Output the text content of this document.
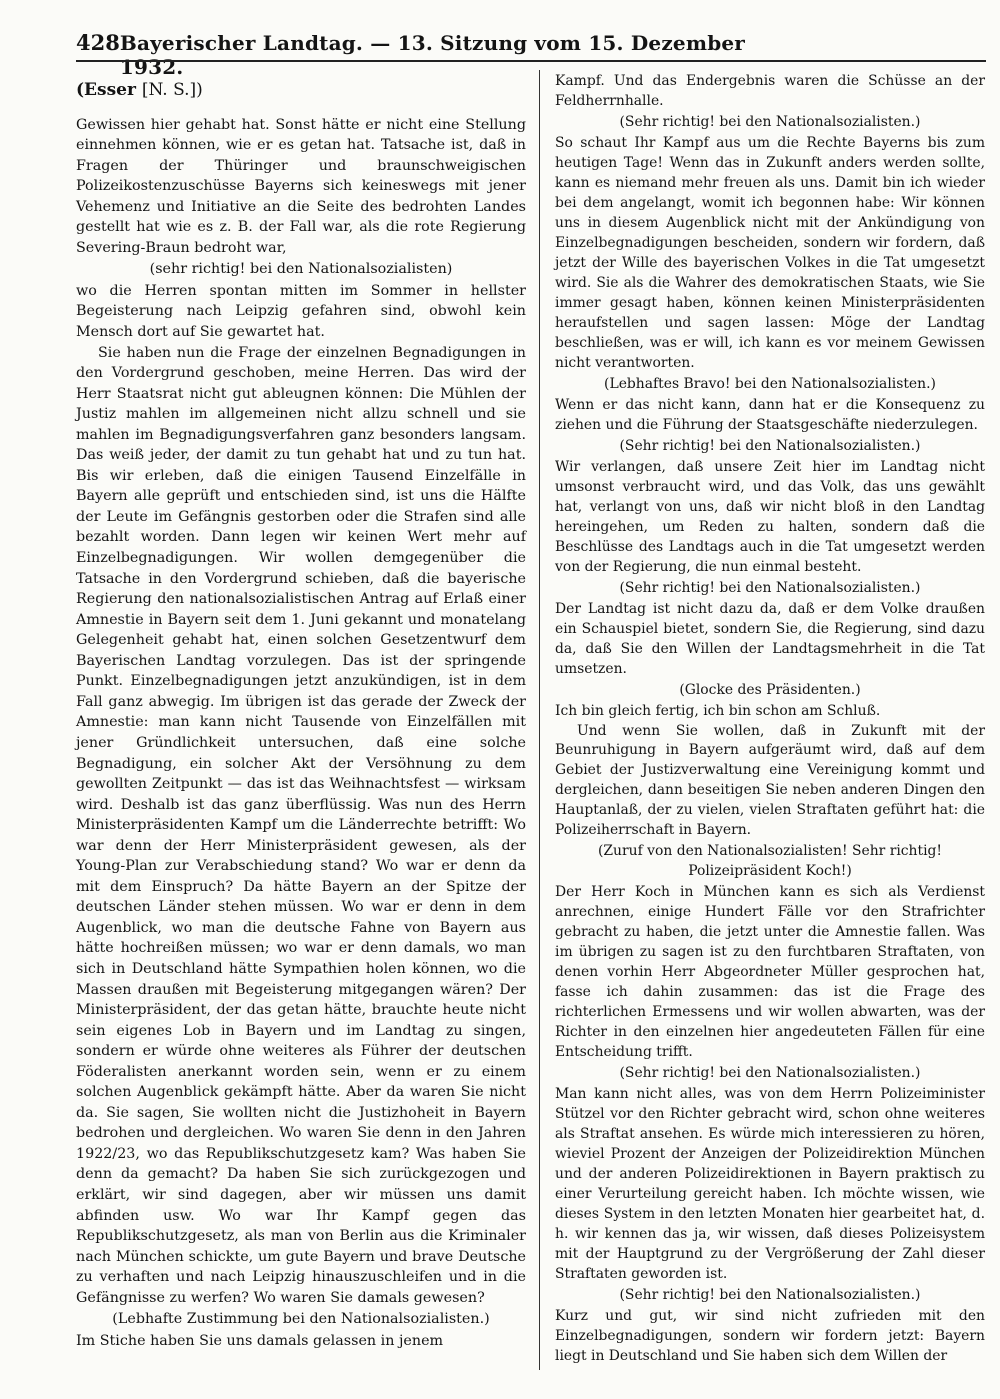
428 Bayerischer Landtag. — 13. Sitzung vom 15. Dezember 1932.
(Esser [N. S.])

Gewissen hier gehabt hat. Sonst hätte er nicht eine Stellung einnehmen können, wie er es getan hat. Tatsache ist, daß in Fragen der Thüringer und braunschweigischen Polizeikostenzuschüsse Bayerns sich keineswegs mit jener Vehemenz und Initiative an die Seite des bedrohten Landes gestellt hat wie es z. B. der Fall war, als die rote Regierung Severing-Braun bedroht war,

(sehr richtig! bei den Nationalsozialisten)

wo die Herren spontan mitten im Sommer in hellster Begeisterung nach Leipzig gefahren sind, obwohl kein Mensch dort auf Sie gewartet hat.

Sie haben nun die Frage der einzelnen Begnadigungen in den Vordergrund geschoben, meine Herren. Das wird der Herr Staatsrat nicht gut ableugnen können: Die Mühlen der Justiz mahlen im allgemeinen nicht allzu schnell und sie mahlen im Begnadigungsverfahren ganz besonders langsam. Das weiß jeder, der damit zu tun gehabt hat und zu tun hat. Bis wir erleben, daß die einigen Tausend Einzelfälle in Bayern alle geprüft und entschieden sind, ist uns die Hälfte der Leute im Gefängnis gestorben oder die Strafen sind alle bezahlt worden. Dann legen wir keinen Wert mehr auf Einzelbegnadigungen. Wir wollen demgegenüber die Tatsache in den Vordergrund schieben, daß die bayerische Regierung den nationalsozialistischen Antrag auf Erlaß einer Amnestie in Bayern seit dem 1. Juni gekannt und monatelang Gelegenheit gehabt hat, einen solchen Gesetzentwurf dem Bayerischen Landtag vorzulegen. Das ist der springende Punkt. Einzelbegnadigungen jetzt anzukündigen, ist in dem Fall ganz abwegig. Im übrigen ist das gerade der Zweck der Amnestie: man kann nicht Tausende von Einzelfällen mit jener Gründlichkeit untersuchen, daß eine solche Begnadigung, ein solcher Akt der Versöhnung zu dem gewollten Zeitpunkt — das ist das Weihnachtsfest — wirksam wird. Deshalb ist das ganz überflüssig. Was nun des Herrn Ministerpräsidenten Kampf um die Länderrechte betrifft: Wo war denn der Herr Ministerpräsident gewesen, als der Young-Plan zur Verabschiedung stand? Wo war er denn da mit dem Einspruch? Da hätte Bayern an der Spitze der deutschen Länder stehen müssen. Wo war er denn in dem Augenblick, wo man die deutsche Fahne von Bayern aus hätte hochreißen müssen; wo war er denn damals, wo man sich in Deutschland hätte Sympathien holen können, wo die Massen draußen mit Begeisterung mitgegangen wären? Der Ministerpräsident, der das getan hätte, brauchte heute nicht sein eigenes Lob in Bayern und im Landtag zu singen, sondern er würde ohne weiteres als Führer der deutschen Föderalisten anerkannt worden sein, wenn er zu einem solchen Augenblick gekämpft hätte. Aber da waren Sie nicht da. Sie sagen, Sie wollten nicht die Justizhoheit in Bayern bedrohen und dergleichen. Wo waren Sie denn in den Jahren 1922/23, wo das Republikschutzgesetz kam? Was haben Sie denn da gemacht? Da haben Sie sich zurückgezogen und erklärt, wir sind dagegen, aber wir müssen uns damit abfinden usw. Wo war Ihr Kampf gegen das Republikschutzgesetz, als man von Berlin aus die Kriminaler nach München schickte, um gute Bayern und brave Deutsche zu verhaften und nach Leipzig hinauszuschleifen und in die Gefängnisse zu werfen? Wo waren Sie damals gewesen?

(Lebhafte Zustimmung bei den Nationalsozialisten.)

Im Stiche haben Sie uns damals gelassen in jenem

Kampf. Und das Endergebnis waren die Schüsse an der Feldherrnhalle.

(Sehr richtig! bei den Nationalsozialisten.)

So schaut Ihr Kampf aus um die Rechte Bayerns bis zum heutigen Tage! Wenn das in Zukunft anders werden sollte, kann es niemand mehr freuen als uns. Damit bin ich wieder bei dem angelangt, womit ich begonnen habe: Wir können uns in diesem Augenblick nicht mit der Ankündigung von Einzelbegnadigungen bescheiden, sondern wir fordern, daß jetzt der Wille des bayerischen Volkes in die Tat umgesetzt wird. Sie als die Wahrer des demokratischen Staats, wie Sie immer gesagt haben, können keinen Ministerpräsidenten heraufstellen und sagen lassen: Möge der Landtag beschließen, was er will, ich kann es vor meinem Gewissen nicht verantworten.

(Lebhaftes Bravo! bei den Nationalsozialisten.)

Wenn er das nicht kann, dann hat er die Konsequenz zu ziehen und die Führung der Staatsgeschäfte niederzulegen.

(Sehr richtig! bei den Nationalsozialisten.)

Wir verlangen, daß unsere Zeit hier im Landtag nicht umsonst verbraucht wird, und das Volk, das uns gewählt hat, verlangt von uns, daß wir nicht bloß in den Landtag hereingehen, um Reden zu halten, sondern daß die Beschlüsse des Landtags auch in die Tat umgesetzt werden von der Regierung, die nun einmal besteht.

(Sehr richtig! bei den Nationalsozialisten.)

Der Landtag ist nicht dazu da, daß er dem Volke draußen ein Schauspiel bietet, sondern Sie, die Regierung, sind dazu da, daß Sie den Willen der Landtagsmehrheit in die Tat umsetzen.

(Glocke des Präsidenten.)

Ich bin gleich fertig, ich bin schon am Schluß.

Und wenn Sie wollen, daß in Zukunft mit der Beunruhigung in Bayern aufgeräumt wird, daß auf dem Gebiet der Justizverwaltung eine Vereinigung kommt und dergleichen, dann beseitigen Sie neben anderen Dingen den Hauptanlaß, der zu vielen, vielen Straftaten geführt hat: die Polizeiherrschaft in Bayern.

(Zuruf von den Nationalsozialisten! Sehr richtig! Polizeipräsident Koch!)

Der Herr Koch in München kann es sich als Verdienst anrechnen, einige Hundert Fälle vor den Strafrichter gebracht zu haben, die jetzt unter die Amnestie fallen. Was im übrigen zu sagen ist zu den furchtbaren Straftaten, von denen vorhin Herr Abgeordneter Müller gesprochen hat, fasse ich dahin zusammen: das ist die Frage des richterlichen Ermessens und wir wollen abwarten, was der Richter in den einzelnen hier angedeuteten Fällen für eine Entscheidung trifft.

(Sehr richtig! bei den Nationalsozialisten.)

Man kann nicht alles, was von dem Herrn Polizeiminister Stützel vor den Richter gebracht wird, schon ohne weiteres als Straftat ansehen. Es würde mich interessieren zu hören, wieviel Prozent der Anzeigen der Polizeidirektion München und der anderen Polizeidirektionen in Bayern praktisch zu einer Verurteilung gereicht haben. Ich möchte wissen, wie dieses System in den letzten Monaten hier gearbeitet hat, d. h. wir kennen das ja, wir wissen, daß dieses Polizeisystem mit der Hauptgrund zu der Vergrößerung der Zahl dieser Straftaten geworden ist.

(Sehr richtig! bei den Nationalsozialisten.)

Kurz und gut, wir sind nicht zufrieden mit den Einzelbegnadigungen, sondern wir fordern jetzt: Bayern liegt in Deutschland und Sie haben sich dem Willen der
